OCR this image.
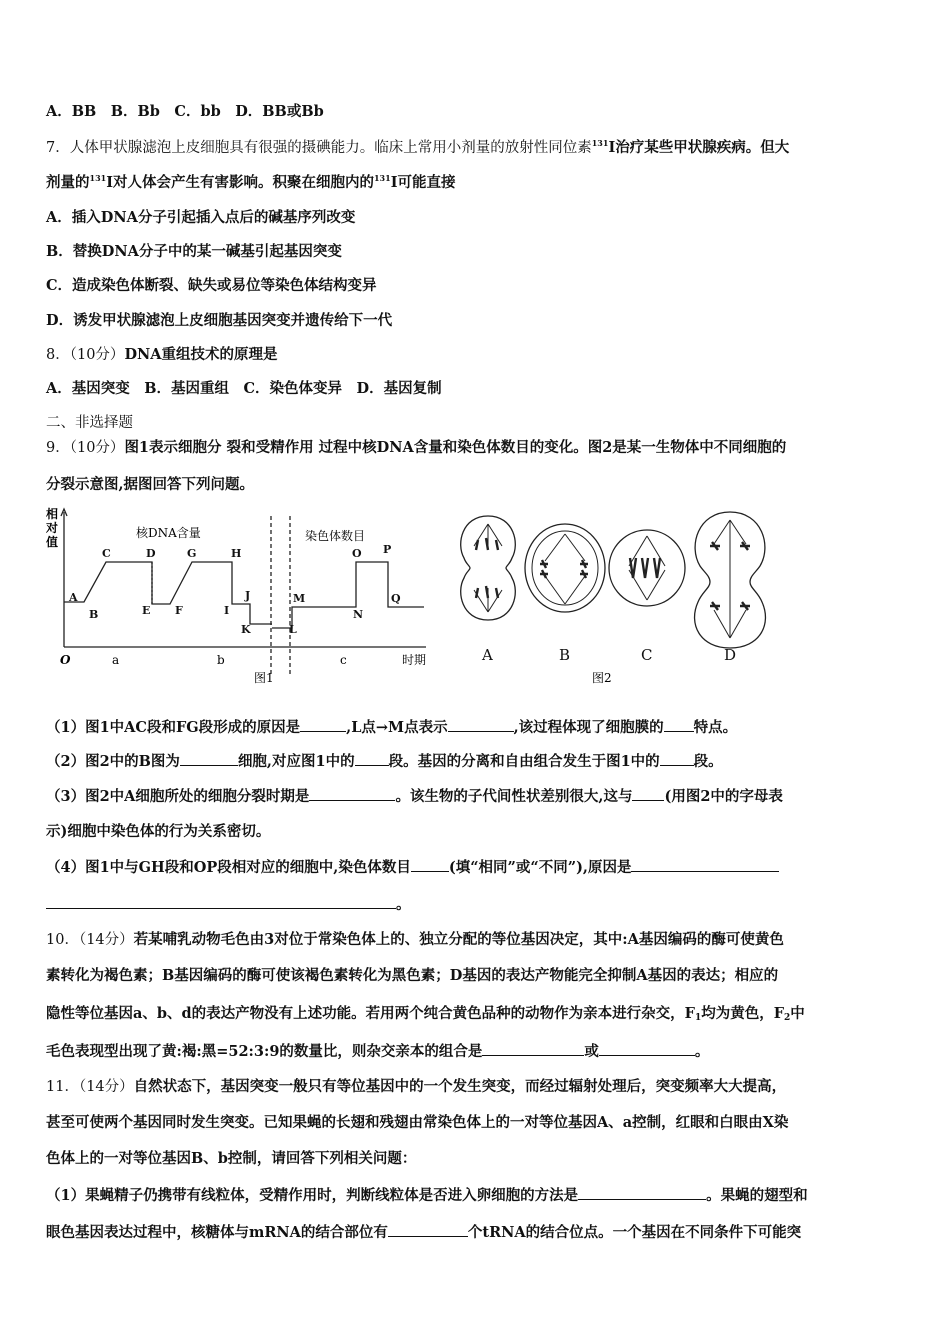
A．BB　B．Bb　C．bb　D．BB或Bb
7．人体甲状腺滤泡上皮细胞具有很强的摄碘能力。临床上常用小剂量的放射性同位素$^{131}$I治疗某些甲状腺疾病。但大
剂量的$^{131}$I对人体会产生有害影响。积聚在细胞内的$^{131}$I可能直接
A．插入DNA分子引起插入点后的碱基序列改变
B．替换DNA分子中的某一碱基引起基因突变
C．造成染色体断裂、缺失或易位等染色体结构变异
D．诱发甲状腺滤泡上皮细胞基因突变并遗传给下一代
8．（10分）DNA重组技术的原理是
A．基因突变　B．基因重组　C．染色体变异　D．基因复制
二、非选择题
9．（10分）图1表示细胞分 裂和受精作用 过程中核DNA含量和染色体数目的变化。图2是某一生物体中不同细胞的
分裂示意图,据图回答下列问题。
相
对
值
核DNA含量	染色体数目
A
B
C	D
E F
G	H
I
J
K	L
M
N
O P
Q
O	a	b	c	时期
图1
A	B	C	D
图2
（1）图1中AC段和FG段形成的原因是	,L点→M点表示	,该过程体现了细胞膜的 特点。
（2）图2中的B图为	细胞,对应图1中的 段。基因的分离和自由组合发生于图1中的 段。
（3）图2中A细胞所处的细胞分裂时期是	。该生物的子代间性状差别很大,这与 (用图2中的字母表
示)细胞中染色体的行为关系密切。
（4）图1中与GH段和OP段相对应的细胞中,染色体数目	(填“相同”或“不同”),原因是
。
10．（14分）若某哺乳动物毛色由3对位于常染色体上的、独立分配的等位基因决定，其中:A基因编码的酶可使黄色
素转化为褐色素；B基因编码的酶可使该褐色素转化为黑色素；D基因的表达产物能完全抑制A基因的表达；相应的
隐性等位基因a、b、d的表达产物没有上述功能。若用两个纯合黄色品种的动物作为亲本进行杂交，$F_1$均为黄色，$F_2$中
毛色表现型出现了黄:褐:黑=52:3:9的数量比，则杂交亲本的组合是	或	。
11．（14分）自然状态下，基因突变一般只有等位基因中的一个发生突变，而经过辐射处理后，突变频率大大提高，
甚至可使两个基因同时发生突变。已知果蝇的长翅和残翅由常染色体上的一对等位基因A、a控制，红眼和白眼由X染
色体上的一对等位基因B、b控制，请回答下列相关问题：
（1）果蝇精子仍携带有线粒体，受精作用时，判断线粒体是否进入卵细胞的方法是	。果蝇的翅型和
眼色基因表达过程中，核糖体与mRNA的结合部位有	个tRNA的结合位点。一个基因在不同条件下可能突
